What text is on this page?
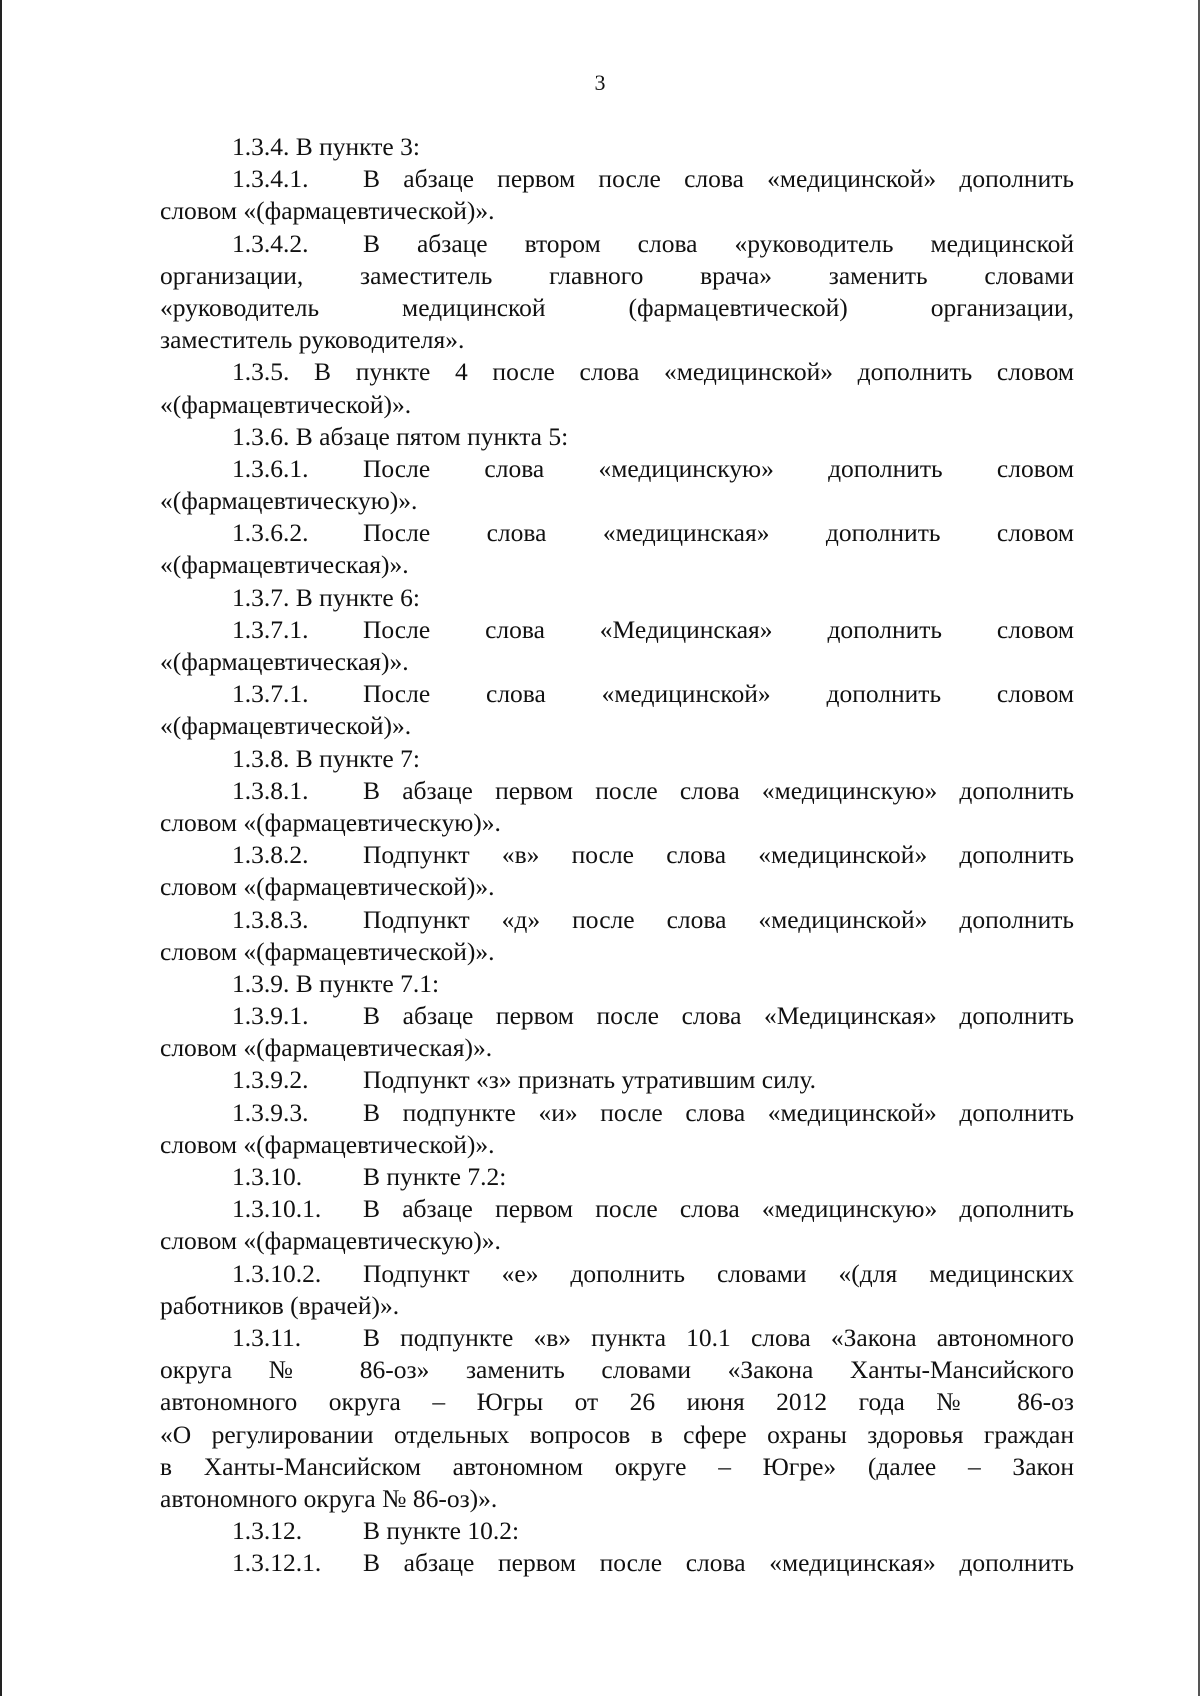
3
1.3.4. В пункте 3:
1.3.4.1.	В абзаце первом после слова «медицинской» дополнить
словом «(фармацевтической)».
1.3.4.2.	В абзаце втором слова «руководитель медицинской
организации, заместитель главного врача» заменить словами
«руководитель медицинской (фармацевтической) организации,
заместитель руководителя».
1.3.5. В пункте 4 после слова «медицинской» дополнить словом
«(фармацевтической)».
1.3.6. В абзаце пятом пункта 5:
1.3.6.1.	После слова «медицинскую» дополнить словом
«(фармацевтическую)».
1.3.6.2.	После слова «медицинская» дополнить словом
«(фармацевтическая)».
1.3.7. В пункте 6:
1.3.7.1.	После слова «Медицинская» дополнить словом
«(фармацевтическая)».
1.3.7.1.	После слова «медицинской» дополнить словом
«(фармацевтической)».
1.3.8. В пункте 7:
1.3.8.1.	В абзаце первом после слова «медицинскую» дополнить
словом «(фармацевтическую)».
1.3.8.2.	Подпункт «в» после слова «медицинской» дополнить
словом «(фармацевтической)».
1.3.8.3.	Подпункт «д» после слова «медицинской» дополнить
словом «(фармацевтической)».
1.3.9. В пункте 7.1:
1.3.9.1.	В абзаце первом после слова «Медицинская» дополнить
словом «(фармацевтическая)».
1.3.9.2.	Подпункт «з» признать утратившим силу.
1.3.9.3.	В подпункте «и» после слова «медицинской» дополнить
словом «(фармацевтической)».
1.3.10.	В пункте 7.2:
1.3.10.1.	В абзаце первом после слова «медицинскую» дополнить
словом «(фармацевтическую)».
1.3.10.2.	Подпункт «е» дополнить словами «(для медицинских
работников (врачей)».
1.3.11.	В подпункте «в» пункта 10.1 слова «Закона автономного
округа № 86-оз» заменить словами «Закона Ханты-Мансийского
автономного округа – Югры от 26 июня 2012 года № 86-оз
«О регулировании отдельных вопросов в сфере охраны здоровья граждан
в Ханты-Мансийском автономном округе – Югре» (далее – Закон
автономного округа № 86-оз)».
1.3.12.	В пункте 10.2:
1.3.12.1.	В абзаце первом после слова «медицинская» дополнить
